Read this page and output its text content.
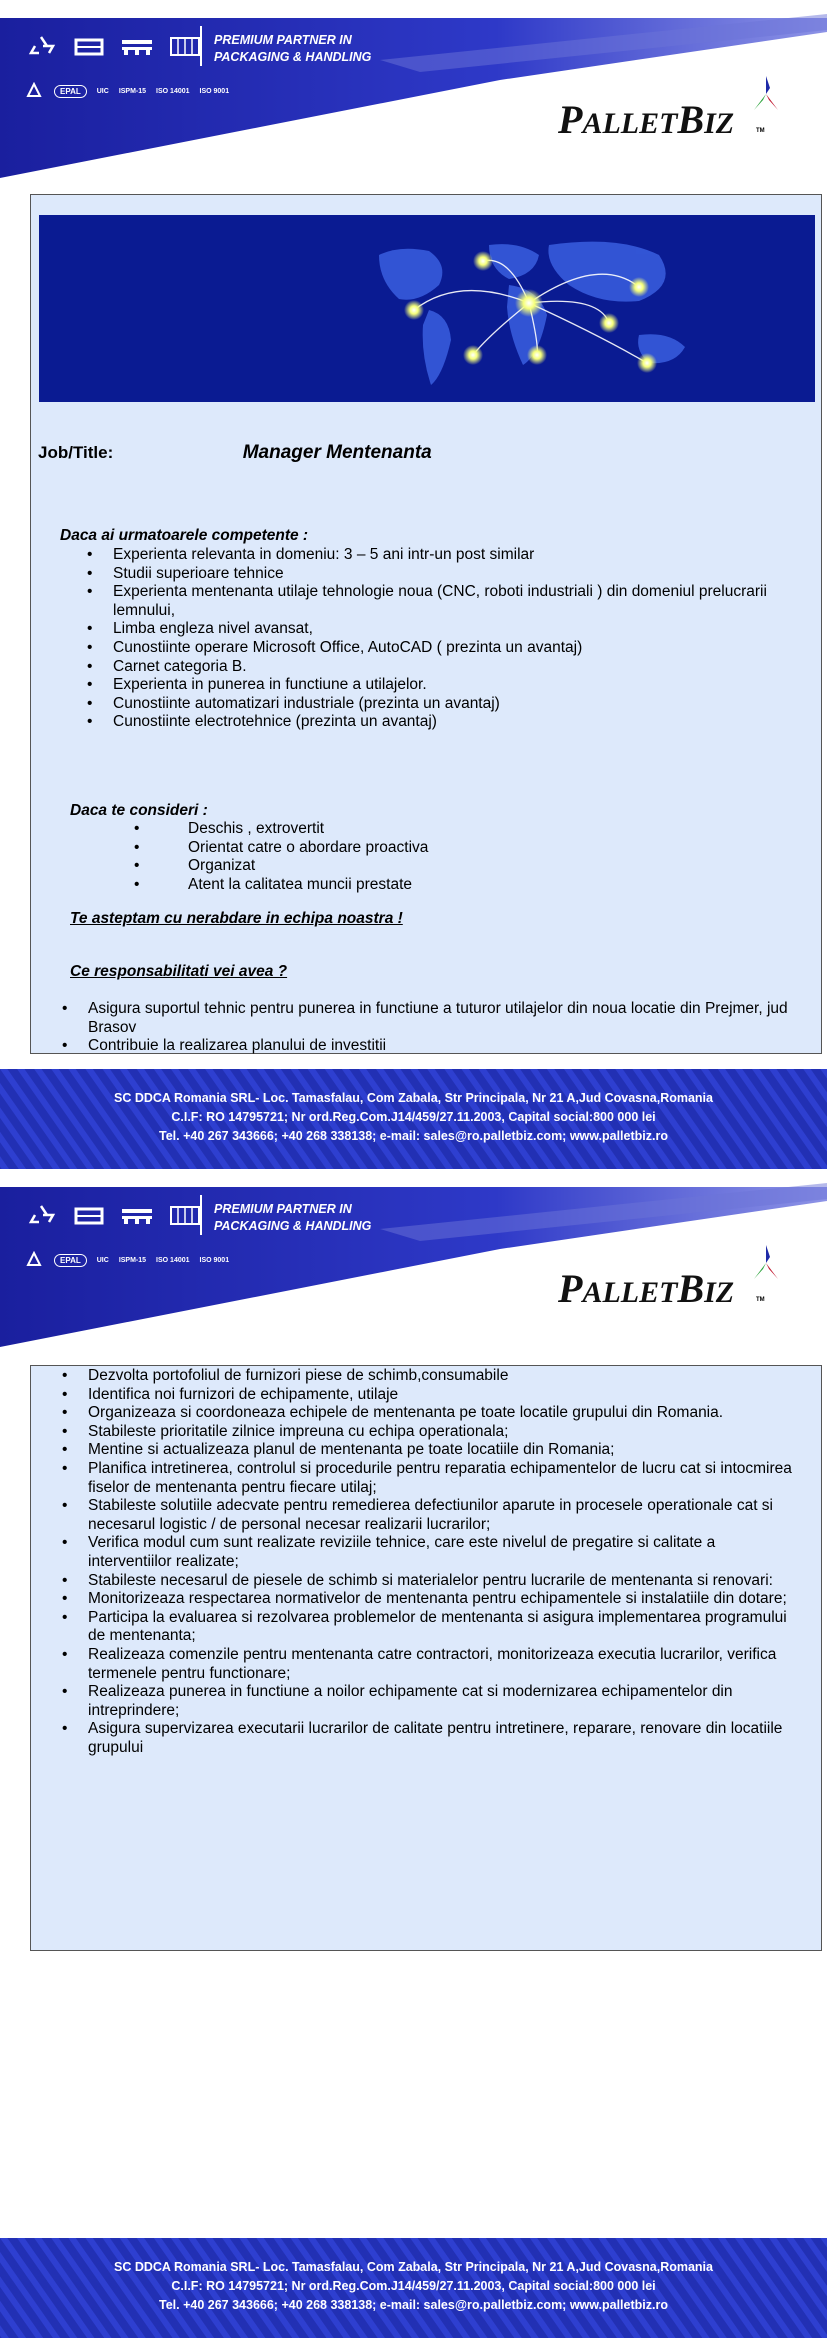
PREMIUM PARTNER IN
PACKAGING & HANDLING
EPAL	UIC ISPM-15 ISO 14001 ISO 9001
PALLETBIZ	TM
Job/Title:	Manager Mentenanta
Daca ai urmatoarele competente :
• Experienta relevanta in domeniu: 3 – 5 ani intr-un post similar
• Studii superioare tehnice
• Experienta mentenanta utilaje tehnologie noua (CNC, roboti industriali ) din domeniul prelucrarii lemnului,
• Limba engleza nivel avansat,
• Cunostiinte operare Microsoft Office, AutoCAD ( prezinta un avantaj)
• Carnet categoria B.
• Experienta in punerea in functiune a utilajelor.
• Cunostiinte automatizari industriale (prezinta un avantaj)
• Cunostiinte electrotehnice (prezinta un avantaj)
Daca te consideri :
• Deschis , extrovertit
• Orientat catre o abordare proactiva
• Organizat
• Atent la calitatea muncii prestate
Te asteptam cu nerabdare in echipa noastra !
Ce responsabilitati vei avea ?
• Asigura suportul tehnic pentru punerea in functiune a tuturor utilajelor din noua locatie din Prejmer, jud Brasov
• Contribuie la realizarea planului de investitii
SC DDCA Romania SRL- Loc. Tamasfalau, Com Zabala, Str Principala, Nr 21 A,Jud Covasna,Romania
C.I.F: RO 14795721; Nr ord.Reg.Com.J14/459/27.11.2003, Capital social:800 000 lei
Tel. +40 267 343666; +40 268 338138; e-mail: sales@ro.palletbiz.com; www.palletbiz.ro
PREMIUM PARTNER IN
PACKAGING & HANDLING
EPAL	UIC ISPM-15 ISO 14001 ISO 9001
PALLETBIZ	TM
• Dezvolta portofoliul de furnizori piese de schimb,consumabile
• Identifica noi furnizori de echipamente, utilaje
• Organizeaza si coordoneaza echipele de mentenanta pe toate locatile grupului din Romania.
• Stabileste prioritatile zilnice impreuna cu echipa operationala;
• Mentine si actualizeaza planul de mentenanta pe toate locatiile din Romania;
• Planifica intretinerea, controlul si procedurile pentru reparatia echipamentelor de lucru cat si intocmirea fiselor de mentenanta pentru fiecare utilaj;
• Stabileste solutiile adecvate pentru remedierea defectiunilor aparute in procesele operationale cat si necesarul logistic / de personal necesar realizarii lucrarilor;
• Verifica modul cum sunt realizate reviziile tehnice, care este nivelul de pregatire si calitate a interventiilor realizate;
• Stabileste necesarul de piesele de schimb si materialelor pentru lucrarile de mentenanta si renovari:
• Monitorizeaza respectarea normativelor de mentenanta pentru echipamentele si instalatiile din dotare;
• Participa la evaluarea si rezolvarea problemelor de mentenanta si asigura implementarea programului de mentenanta;
• Realizeaza comenzile pentru mentenanta catre contractori, monitorizeaza executia lucrarilor, verifica termenele pentru functionare;
• Realizeaza punerea in functiune a noilor echipamente cat si modernizarea echipamentelor din intreprindere;
• Asigura supervizarea executarii lucrarilor de calitate pentru intretinere, reparare, renovare din locatiile grupului
SC DDCA Romania SRL- Loc. Tamasfalau, Com Zabala, Str Principala, Nr 21 A,Jud Covasna,Romania
C.I.F: RO 14795721; Nr ord.Reg.Com.J14/459/27.11.2003, Capital social:800 000 lei
Tel. +40 267 343666; +40 268 338138; e-mail: sales@ro.palletbiz.com; www.palletbiz.ro
